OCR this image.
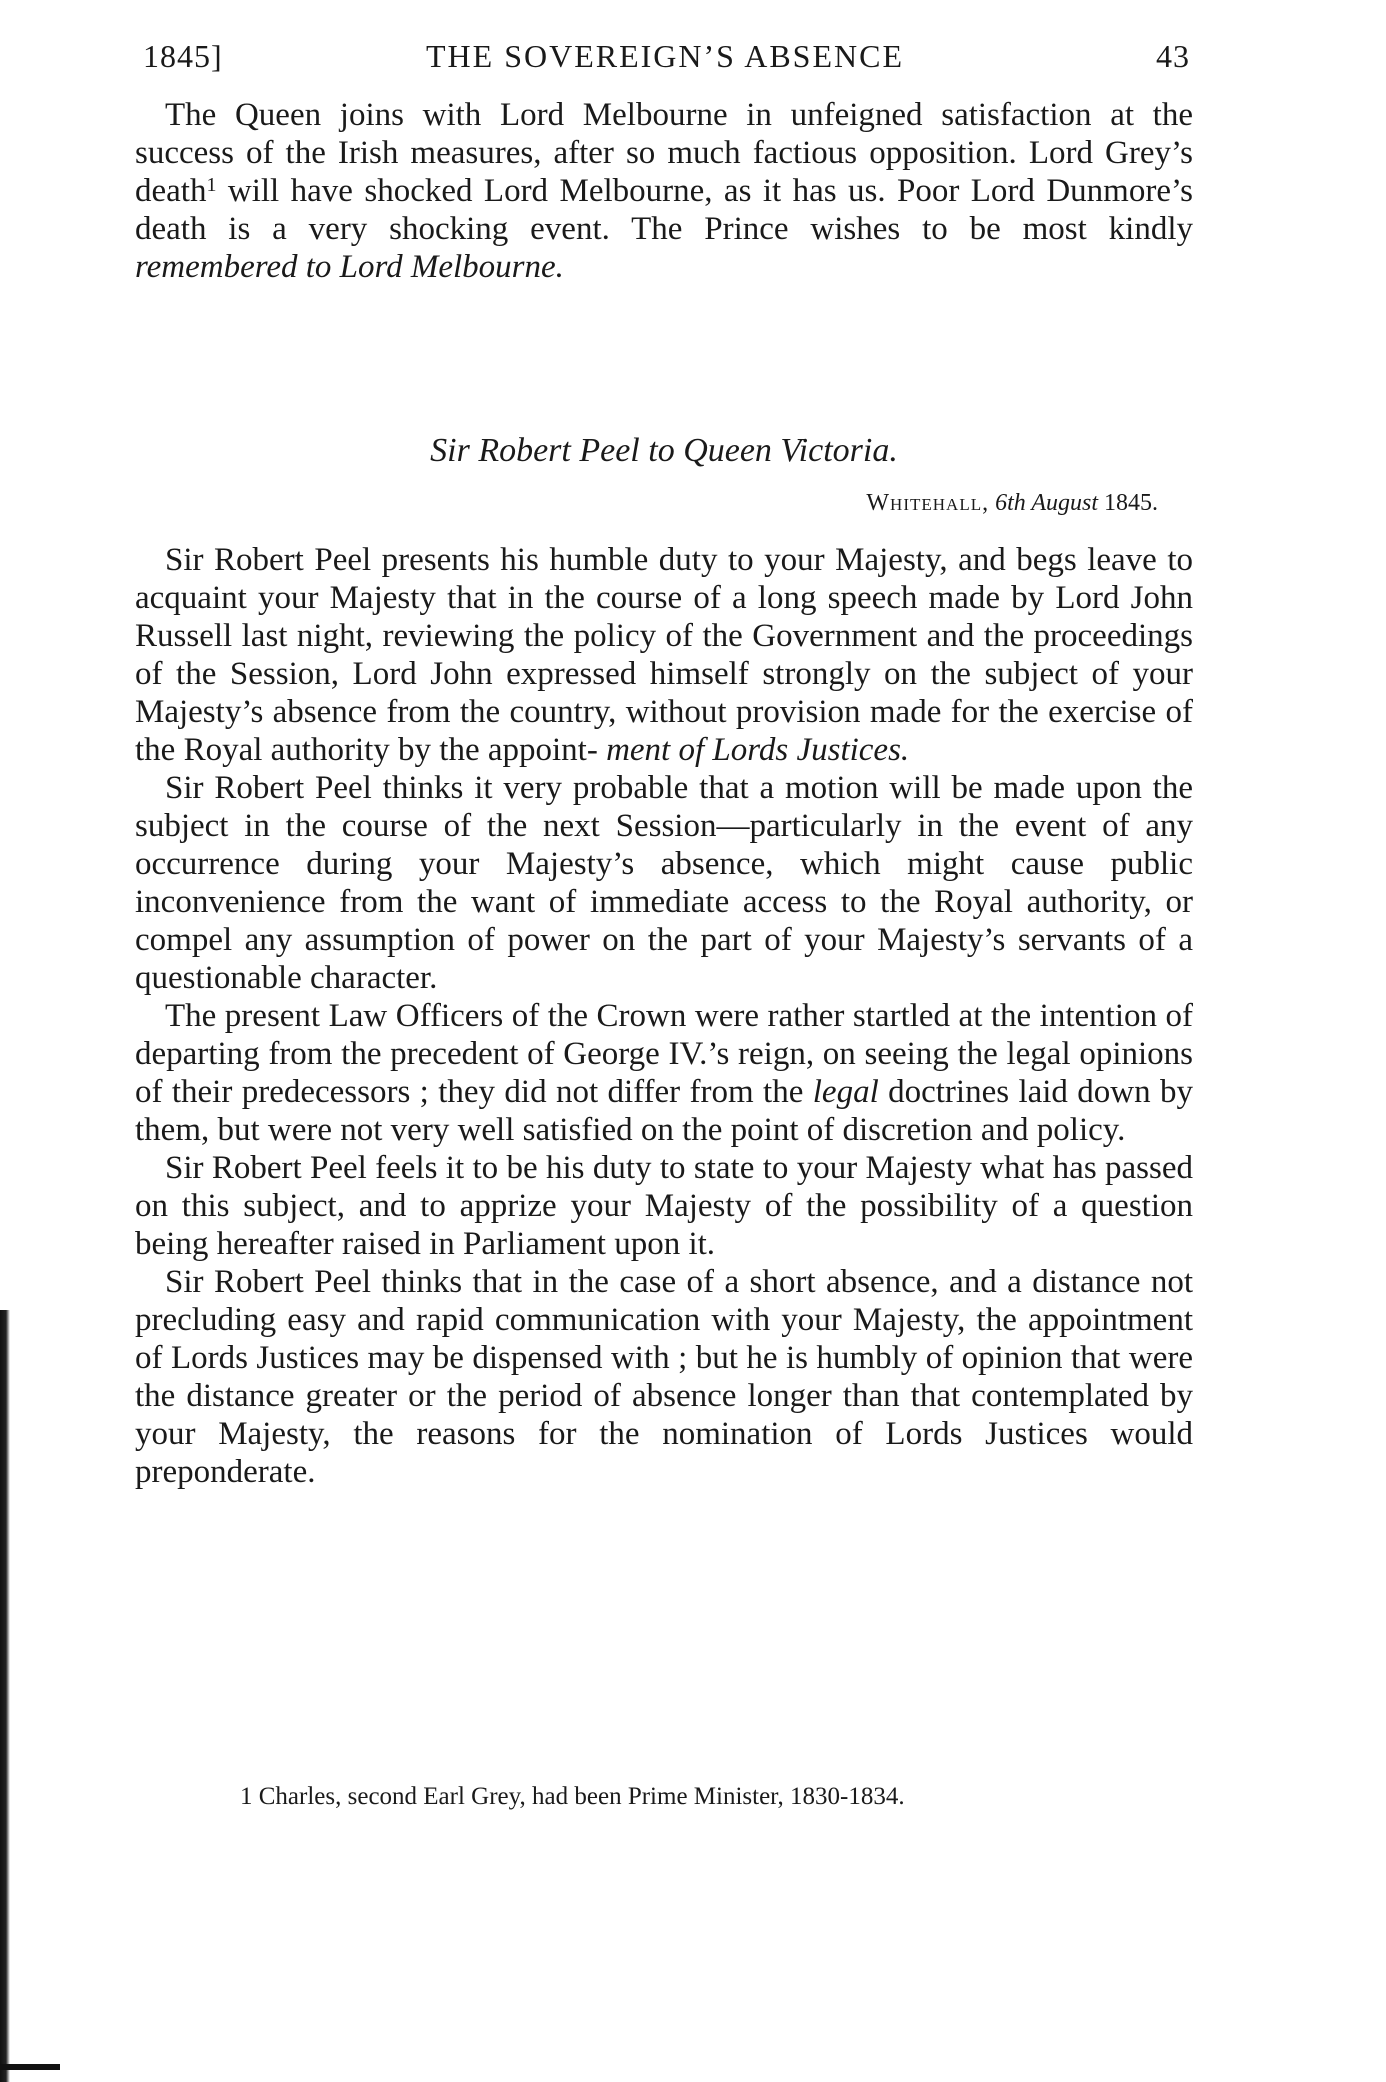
1845]	THE SOVEREIGN’S ABSENCE	43

The Queen joins with Lord Melbourne in unfeigned satisfaction at the success of the Irish measures, after so much factious opposition. Lord Grey’s death$^1$ will have shocked Lord Melbourne, as it has us. Poor Lord Dunmore’s death is a very shocking event. The Prince wishes to be most kindly remembered to Lord Melbourne.

Sir Robert Peel to Queen Victoria.
Whitehall, 6th August 1845.

Sir Robert Peel presents his humble duty to your Majesty, and begs leave to acquaint your Majesty that in the course of a long speech made by Lord John Russell last night, reviewing the policy of the Government and the proceedings of the Session, Lord John expressed himself strongly on the subject of your Majesty’s absence from the country, without provision made for the exercise of the Royal authority by the appoint- ment of Lords Justices.

Sir Robert Peel thinks it very probable that a motion will be made upon the subject in the course of the next Session—particularly in the event of any occurrence during your Majesty’s absence, which might cause public inconvenience from the want of immediate access to the Royal authority, or compel any assumption of power on the part of your Majesty’s servants of a questionable character.

The present Law Officers of the Crown were rather startled at the intention of departing from the precedent of George IV.’s reign, on seeing the legal opinions of their predecessors ; they did not differ from the legal doctrines laid down by them, but were not very well satisfied on the point of discretion and policy.

Sir Robert Peel feels it to be his duty to state to your Majesty what has passed on this subject, and to apprize your Majesty of the possibility of a question being hereafter raised in Parliament upon it.

Sir Robert Peel thinks that in the case of a short absence, and a distance not precluding easy and rapid communication with your Majesty, the appointment of Lords Justices may be dispensed with ; but he is humbly of opinion that were the distance greater or the period of absence longer than that contemplated by your Majesty, the reasons for the nomination of Lords Justices would preponderate.

1 Charles, second Earl Grey, had been Prime Minister, 1830-1834.
